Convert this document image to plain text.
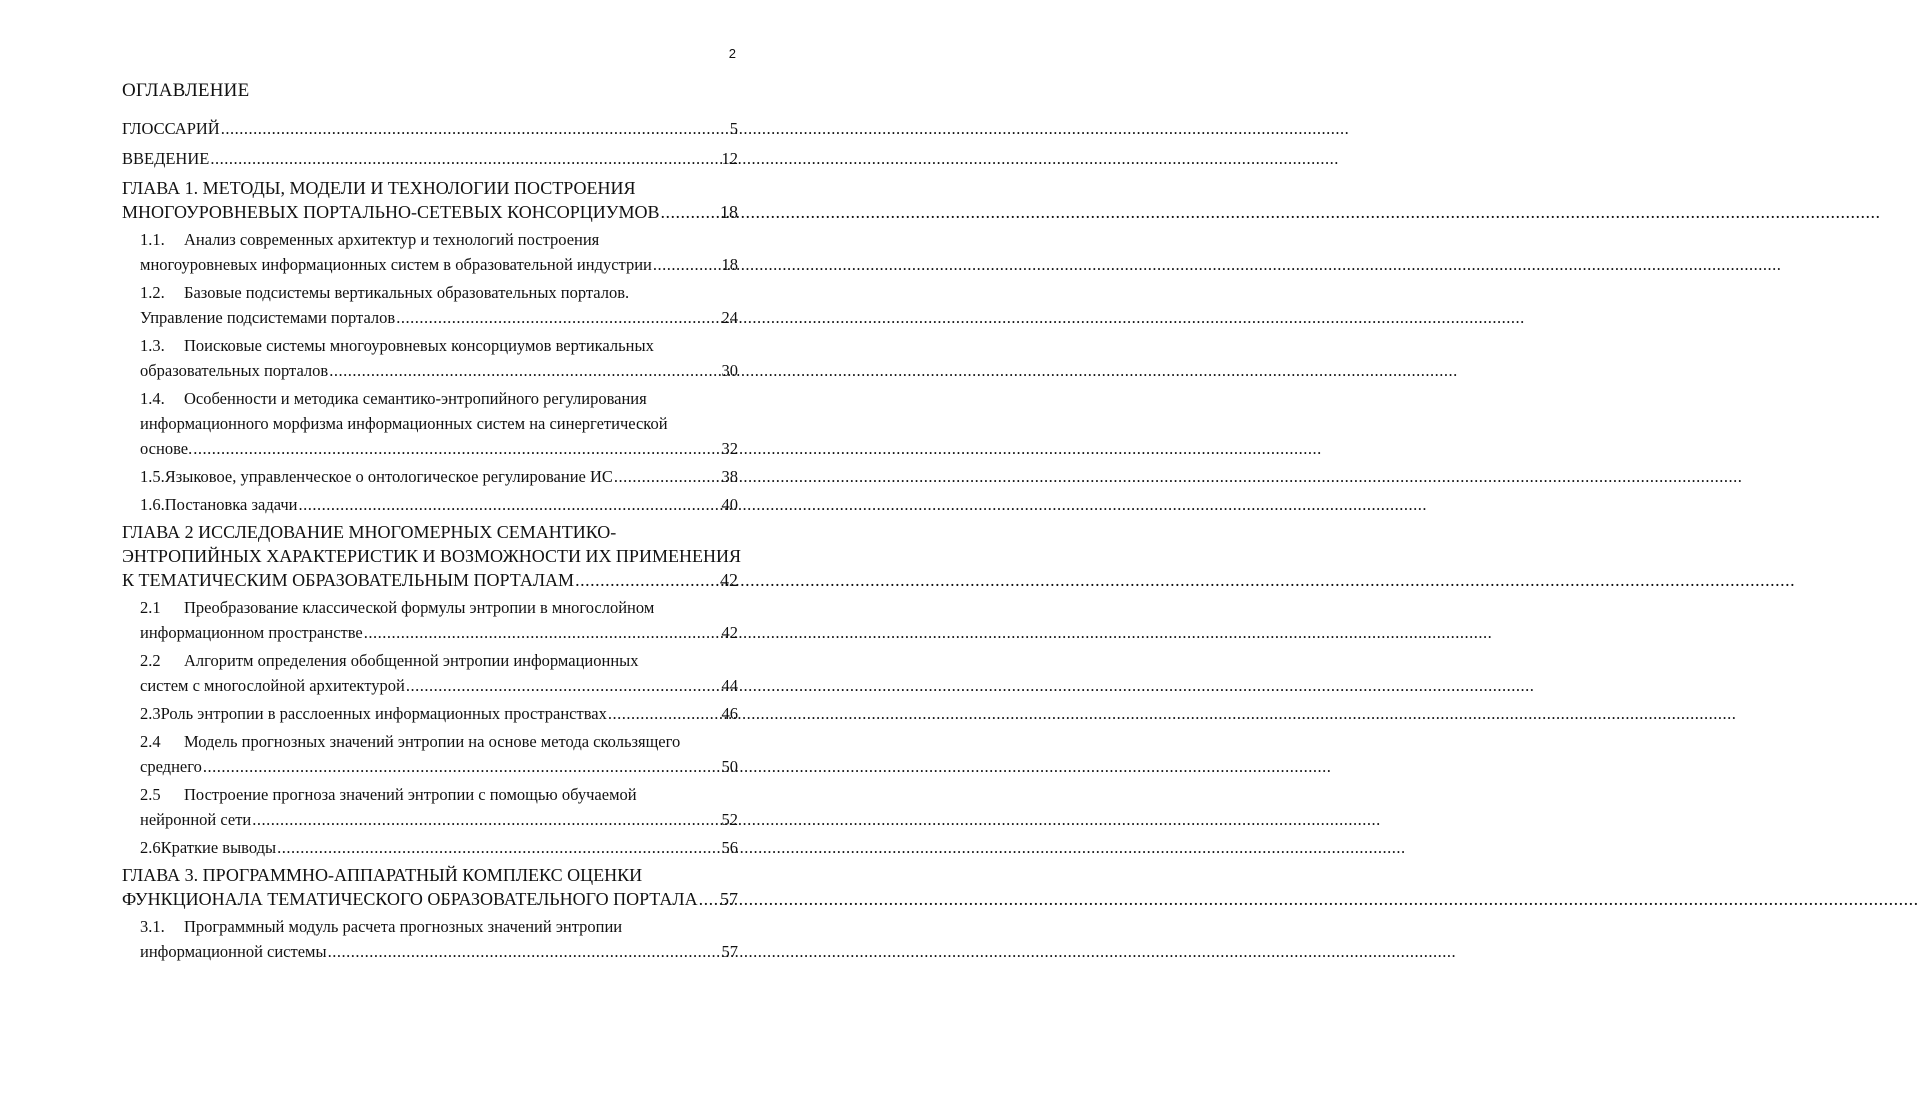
2
ОГЛАВЛЕНИЕ
ГЛОССАРИЙ .....	5
ВВЕДЕНИЕ .....	12
ГЛАВА 1. МЕТОДЫ, МОДЕЛИ И ТЕХНОЛОГИИ ПОСТРОЕНИЯ
МНОГОУРОВНЕВЫХ ПОРТАЛЬНО-СЕТЕВЫХ КОНСОРЦИУМОВ .....	18
1.1.	Анализ современных архитектур и технологий построения
многоуровневых информационных систем в образовательной индустрии .....	18
1.2.	Базовые подсистемы вертикальных образовательных порталов.
Управление подсистемами порталов .....	24
1.3.	Поисковые системы многоуровневых консорциумов вертикальных
образовательных порталов .....	30
1.4.	Особенности и методика семантико-энтропийного регулирования
информационного морфизма информационных систем на синергетической
основе. .....	32
1.5. Языковое, управленческое о онтологическое регулирование ИС .....	38
1.6. Постановка задачи .....	40
ГЛАВА 2 ИССЛЕДОВАНИЕ МНОГОМЕРНЫХ СЕМАНТИКО-
ЭНТРОПИЙНЫХ ХАРАКТЕРИСТИК И ВОЗМОЖНОСТИ ИХ ПРИМЕНЕНИЯ
К ТЕМАТИЧЕСКИМ ОБРАЗОВАТЕЛЬНЫМ ПОРТАЛАМ .....	42
2.1	Преобразование классической формулы энтропии в многослойном
информационном пространстве .....	42
2.2	Алгоритм определения обобщенной энтропии информационных
систем с многослойной архитектурой .....	44
2.3 Роль энтропии в расслоенных информационных пространствах .....	46
2.4	Модель прогнозных значений энтропии на основе метода скользящего
среднего .....	50
2.5	Построение прогноза значений энтропии с помощью обучаемой
нейронной сети .....	52
2.6 Краткие выводы .....	56
ГЛАВА 3. ПРОГРАММНО-АППАРАТНЫЙ КОМПЛЕКС ОЦЕНКИ
ФУНКЦИОНАЛА ТЕМАТИЧЕСКОГО ОБРАЗОВАТЕЛЬНОГО ПОРТАЛА ..... 57
3.1.	Программный модуль расчета прогнозных значений энтропии
информационной системы .....	57
